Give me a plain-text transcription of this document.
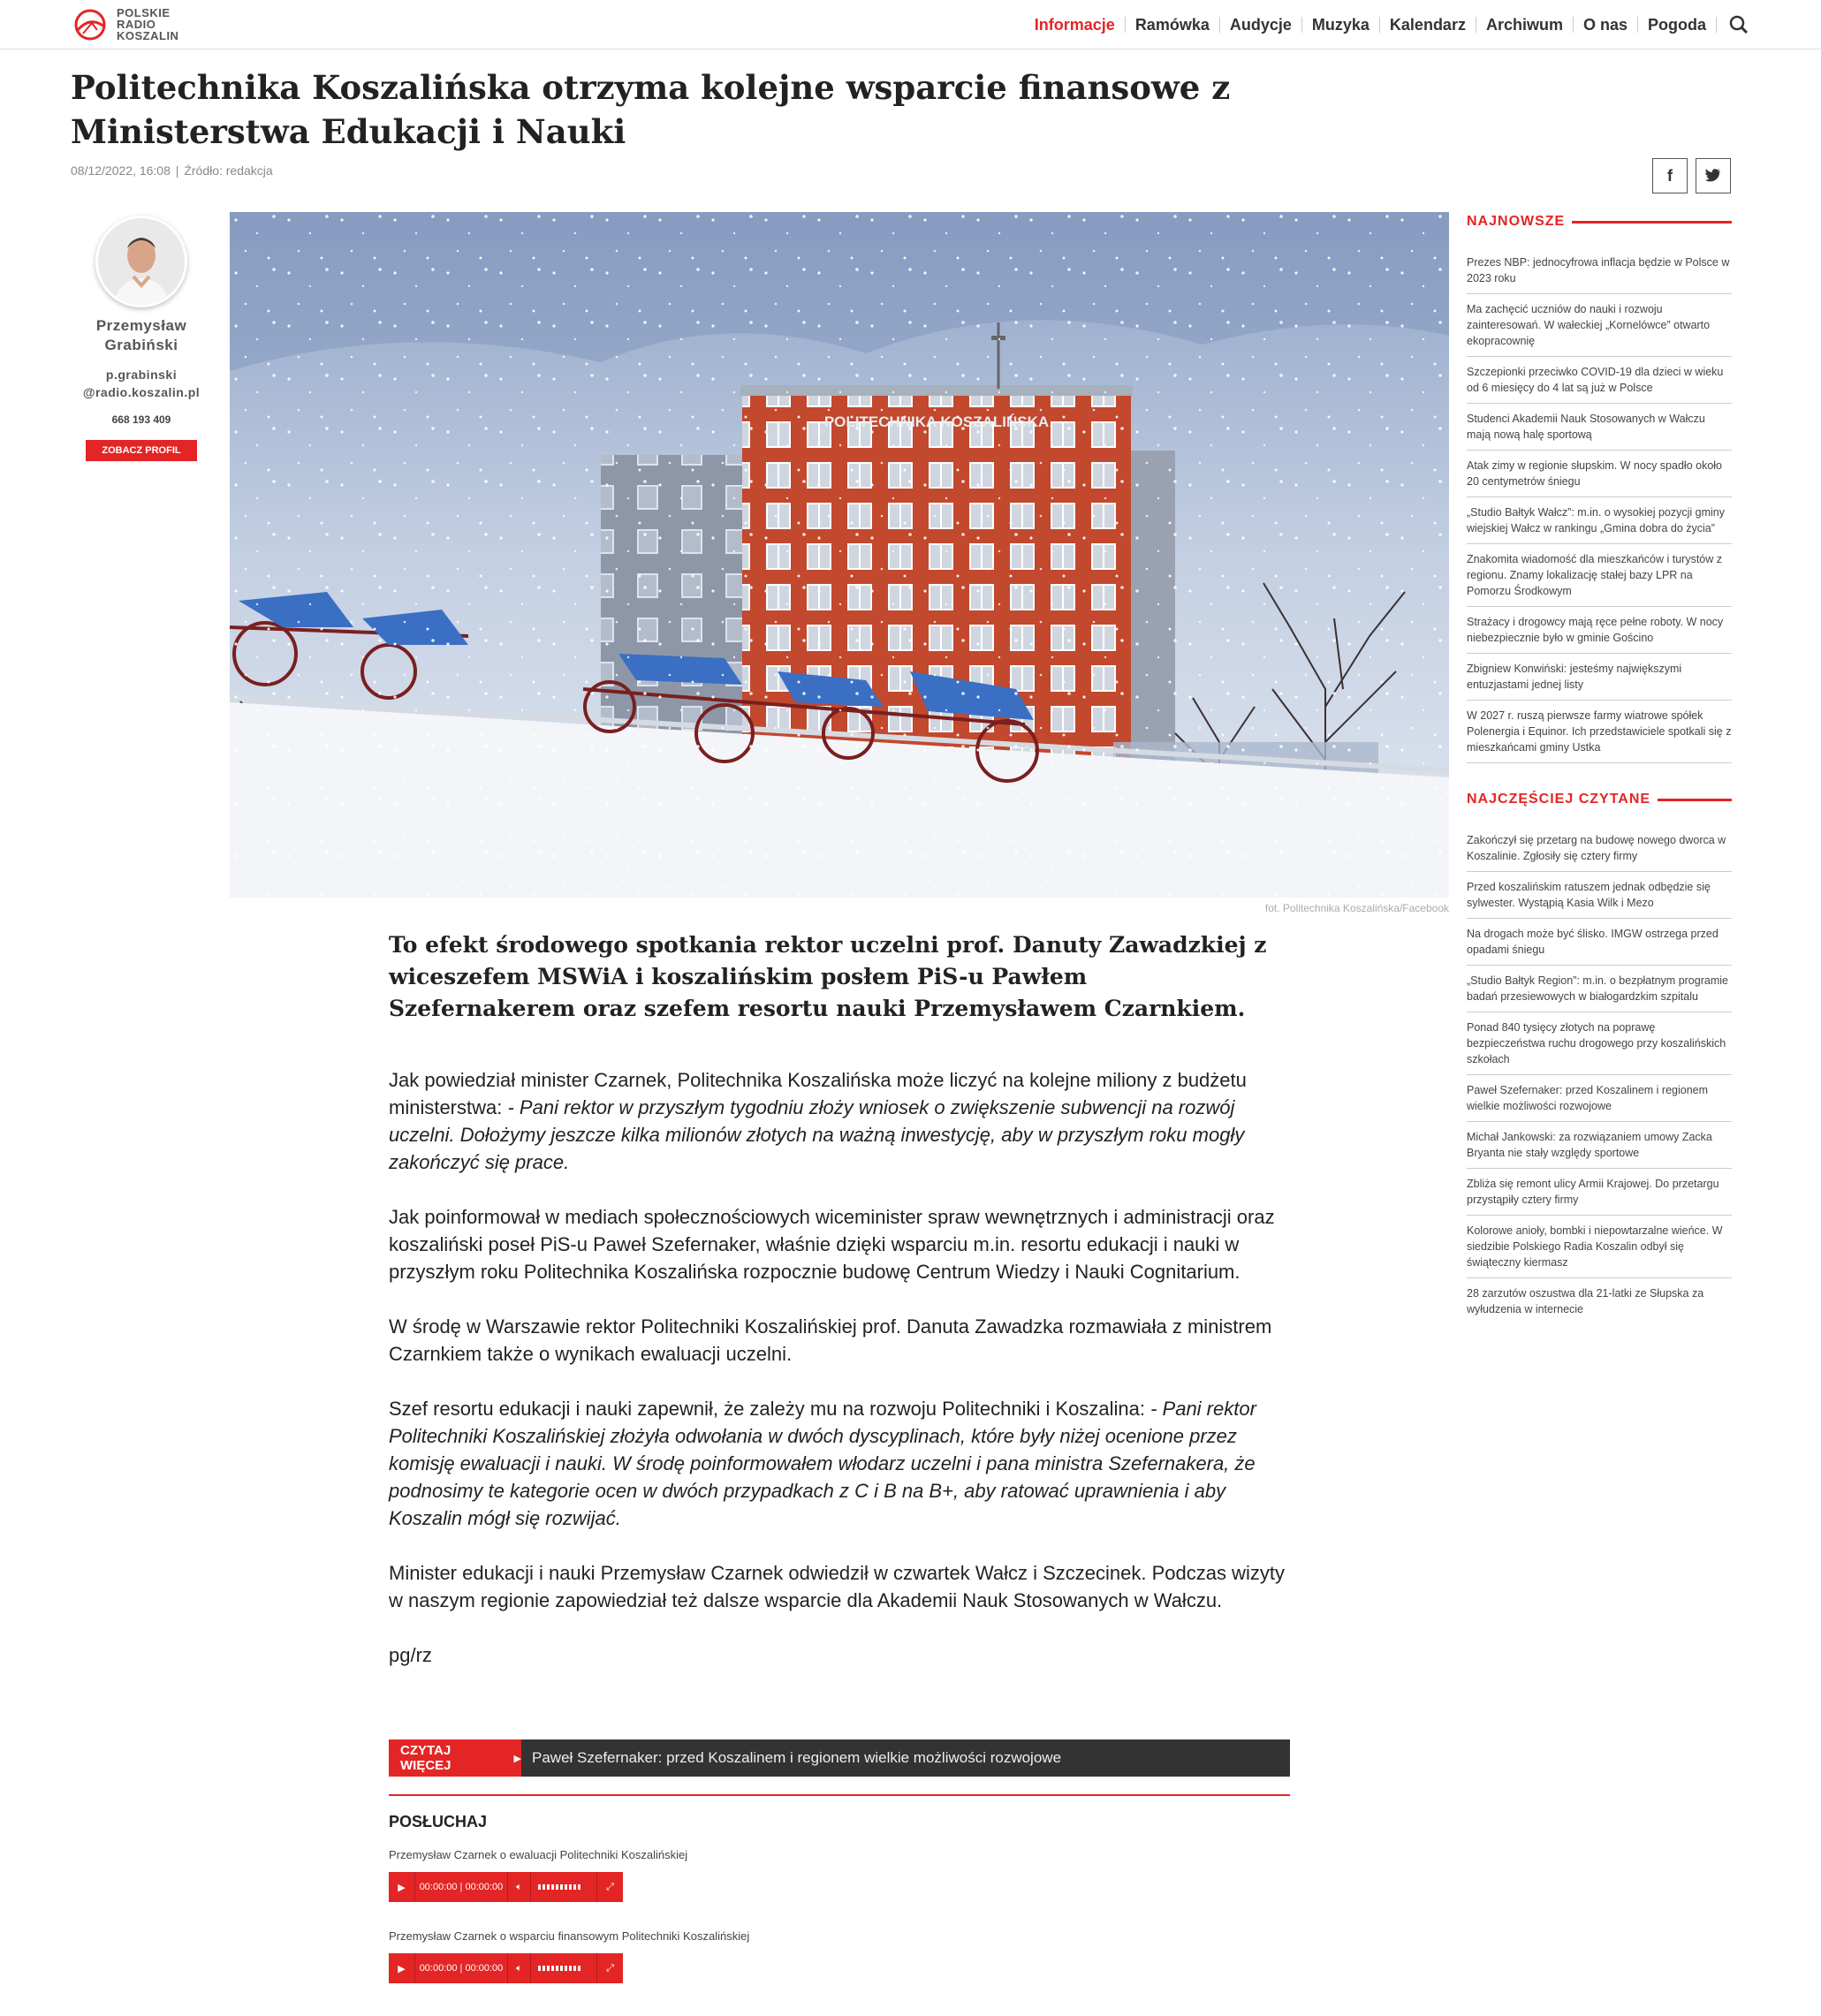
POLSKIE
RADIO
KOSZALIN
Informacje	Ramówka	Audycje	Muzyka	Kalendarz	Archiwum	O nas	Pogoda
Politechnika Koszalińska otrzyma kolejne wsparcie finansowe z Ministerstwa Edukacji i Nauki
08/12/2022, 16:08 | Źródło: redakcja	f
Przemysław
Grabiński
p.grabinski
@radio.koszalin.pl
668 193 409
ZOBACZ PROFIL
fot. Politechnika Koszalińska/Facebook

To efekt środowego spotkania rektor uczelni prof. Danuty Zawadzkiej z wiceszefem MSWiA i koszalińskim posłem PiS-u Pawłem Szefernakerem oraz szefem resortu nauki Przemysławem Czarnkiem.

Jak powiedział minister Czarnek, Politechnika Koszalińska może liczyć na kolejne miliony z budżetu ministerstwa: - Pani rektor w przyszłym tygodniu złoży wniosek o zwiększenie subwencji na rozwój uczelni. Dołożymy jeszcze kilka milionów złotych na ważną inwestycję, aby w przyszłym roku mogły zakończyć się prace.

Jak poinformował w mediach społecznościowych wiceminister spraw wewnętrznych i administracji oraz koszaliński poseł PiS-u Paweł Szefernaker, właśnie dzięki wsparciu m.in. resortu edukacji i nauki w przyszłym roku Politechnika Koszalińska rozpocznie budowę Centrum Wiedzy i Nauki Cognitarium.

W środę w Warszawie rektor Politechniki Koszalińskiej prof. Danuta Zawadzka rozmawiała z ministrem Czarnkiem także o wynikach ewaluacji uczelni.

Szef resortu edukacji i nauki zapewnił, że zależy mu na rozwoju Politechniki i Koszalina: - Pani rektor Politechniki Koszalińskiej złożyła odwołania w dwóch dyscyplinach, które były niżej ocenione przez komisję ewaluacji i nauki. W środę poinformowałem włodarz uczelni i pana ministra Szefernakera, że podnosimy te kategorie ocen w dwóch przypadkach z C i B na B+, aby ratować uprawnienia i aby Koszalin mógł się rozwijać.

Minister edukacji i nauki Przemysław Czarnek odwiedził w czwartek Wałcz i Szczecinek. Podczas wizyty w naszym regionie zapowiedział też dalsze wsparcie dla Akademii Nauk Stosowanych w Wałczu.

pg/rz

CZYTAJ WIĘCEJ	▶ Paweł Szefernaker: przed Koszalinem i regionem wielkie możliwości rozwojowe
POSŁUCHAJ
Przemysław Czarnek o ewaluacji Politechniki Koszalińskiej
▶	00:00:00 | 00:00:00	🔈︎	⤢
Przemysław Czarnek o wsparciu finansowym Politechniki Koszalińskiej
▶	00:00:00 | 00:00:00	🔈︎	⤢
NAJNOWSZE
Prezes NBP: jednocyfrowa inflacja będzie w Polsce w 2023 roku
Ma zachęcić uczniów do nauki i rozwoju zainteresowań. W wałeckiej „Kornelówce” otwarto ekopracownię
Szczepionki przeciwko COVID-19 dla dzieci w wieku od 6 miesięcy do 4 lat są już w Polsce
Studenci Akademii Nauk Stosowanych w Wałczu mają nową halę sportową
Atak zimy w regionie słupskim. W nocy spadło około 20 centymetrów śniegu
„Studio Bałtyk Wałcz”: m.in. o wysokiej pozycji gminy wiejskiej Wałcz w rankingu „Gmina dobra do życia”
Znakomita wiadomość dla mieszkańców i turystów z regionu. Znamy lokalizację stałej bazy LPR na Pomorzu Środkowym
Strażacy i drogowcy mają ręce pełne roboty. W nocy niebezpiecznie było w gminie Gościno
Zbigniew Konwiński: jesteśmy największymi entuzjastami jednej listy
W 2027 r. ruszą pierwsze farmy wiatrowe spółek Polenergia i Equinor. Ich przedstawiciele spotkali się z mieszkańcami gminy Ustka
NAJCZĘŚCIEJ CZYTANE
Zakończył się przetarg na budowę nowego dworca w Koszalinie. Zgłosiły się cztery firmy
Przed koszalińskim ratuszem jednak odbędzie się sylwester. Wystąpią Kasia Wilk i Mezo
Na drogach może być ślisko. IMGW ostrzega przed opadami śniegu
„Studio Bałtyk Region”: m.in. o bezpłatnym programie badań przesiewowych w białogardzkim szpitalu
Ponad 840 tysięcy złotych na poprawę bezpieczeństwa ruchu drogowego przy koszalińskich szkołach
Paweł Szefernaker: przed Koszalinem i regionem wielkie możliwości rozwojowe
Michał Jankowski: za rozwiązaniem umowy Zacka Bryanta nie stały względy sportowe
Zbliża się remont ulicy Armii Krajowej. Do przetargu przystąpiły cztery firmy
Kolorowe anioły, bombki i niepowtarzalne wieńce. W siedzibie Polskiego Radia Koszalin odbył się świąteczny kiermasz
28 zarzutów oszustwa dla 21-latki ze Słupska za wyłudzenia w internecie
